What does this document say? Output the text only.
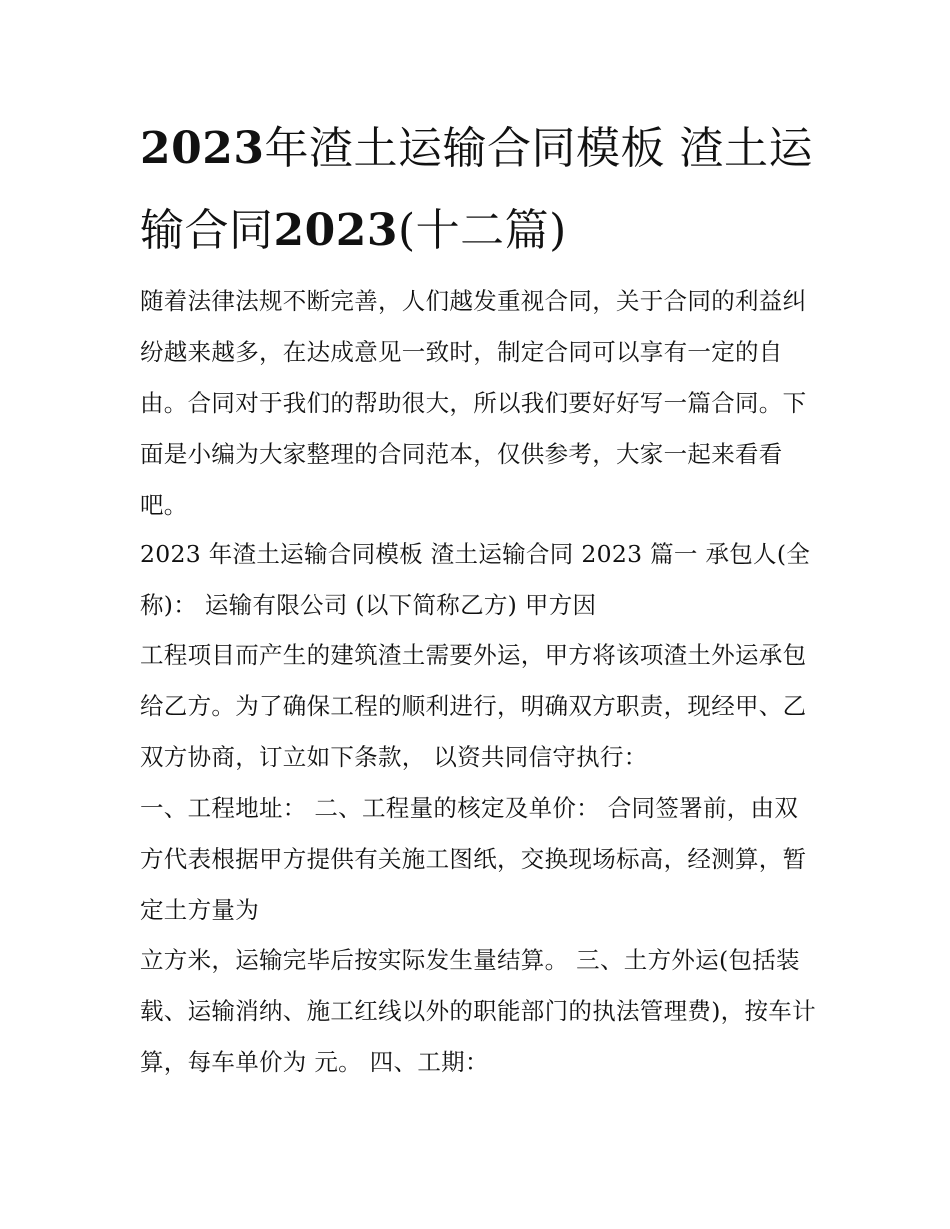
2023年渣土运输合同模板 渣土运输合同2023(十二篇)

随着法律法规不断完善，人们越发重视合同，关于合同的利益纠纷越来越多，在达成意见一致时，制定合同可以享有一定的自由。合同对于我们的帮助很大，所以我们要好好写一篇合同。下面是小编为大家整理的合同范本，仅供参考，大家一起来看看吧。

2023 年渣土运输合同模板 渣土运输合同 2023 篇一 承包人(全称)： 运输有限公司 (以下简称乙方) 甲方因

工程项目而产生的建筑渣土需要外运，甲方将该项渣土外运承包给乙方。为了确保工程的顺利进行，明确双方职责，现经甲、乙双方协商，订立如下条款， 以资共同信守执行：

一、工程地址： 二、工程量的核定及单价： 合同签署前，由双方代表根据甲方提供有关施工图纸，交换现场标高，经测算，暂定土方量为

立方米，运输完毕后按实际发生量结算。 三、土方外运(包括装载、运输消纳、施工红线以外的职能部门的执法管理费)，按车计算，每车单价为 元。 四、工期：
